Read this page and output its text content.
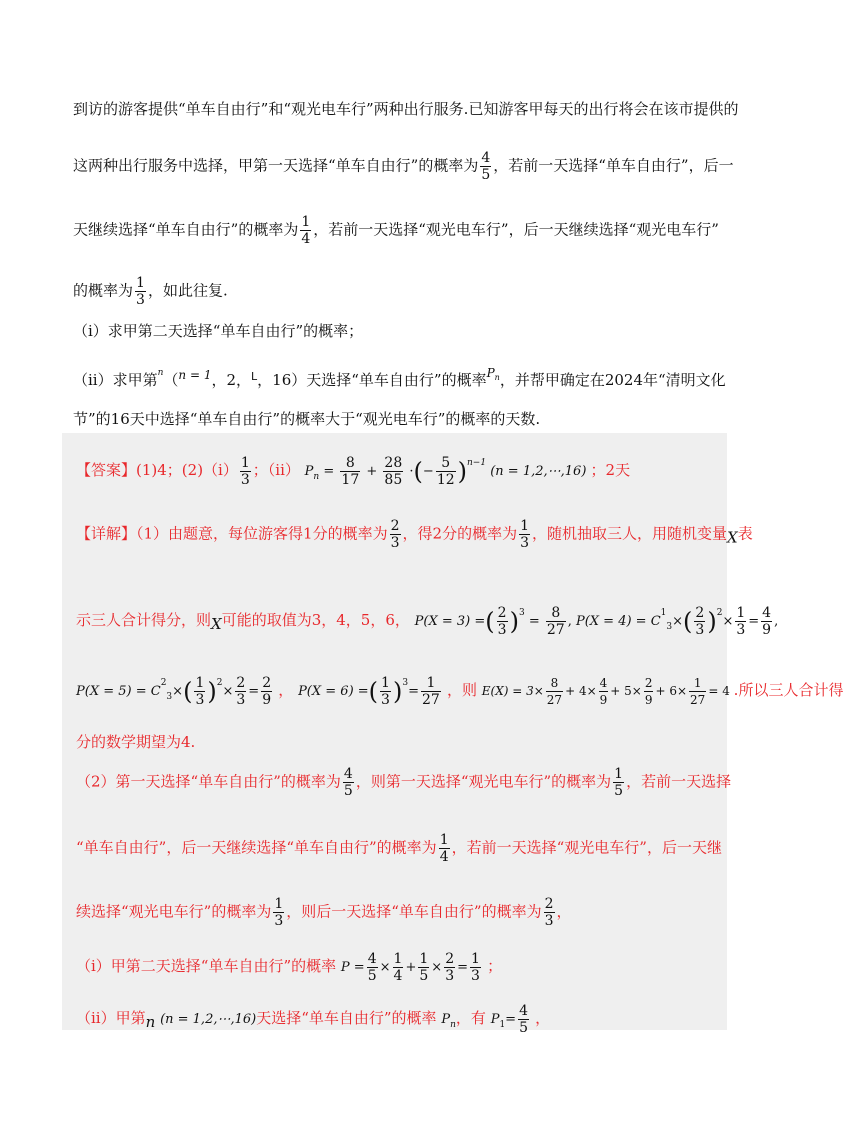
到访的游客提供“单车自由行”和“观光电车行”两种出行服务.已知游客甲每天的出行将会在该市提供的
这两种出行服务中选择，甲第一天选择“单车自由行”的概率为 $\frac{4}{5}$ ，若前一天选择“单车自由行”，后一
天继续选择“单车自由行”的概率为 $\frac{1}{4}$ ，若前一天选择“观光电车行”，后一天继续选择“观光电车行”
的概率为 $\frac{1}{3}$ ，如此往复.
（i）求甲第二天选择“单车自由行”的概率；
（ii）求甲第$^n$（$^{n = 1}$，2，$^L$，16）天选择“单车自由行”的概率$^{P_n}$，并帮甲确定在2024年“清明文化
节”的16天中选择“单车自由行”的概率大于“观光电车行”的概率的天数.
【答案】(1)4；$(2)(i) \frac{1}{3}$ ；（ii） $P_n = \frac{8}{17} + \frac{28}{85}$ ·(− $\frac{5}{12} )^{n-1}$ (n = 1,2,⋯,16) ；2天
【详解】（1）由题意，每位游客得1分的概率为 $\frac{2}{3}$ ，得2分的概率为 $\frac{1}{3}$ ，随机抽取三人，用随机变量X表
示三人合计得分，则X可能的取值为3，4，5，6， P(X = 3) =( $\frac{2}{3} )^3 = \frac{8}{27}$ , $P(X = 4) = C^1_3\times( \frac{2}{3} )^2\times \frac{1}{3} = \frac{4}{9}$ ,
$P(X = 5) = C^2_3\times( \frac{1}{3} )^2\times \frac{2}{3} = \frac{2}{9}$ ， P(X = 6) =( $\frac{1}{3} )^3= \frac{1}{27}$ ，则 $E(X) = 3\times \frac{8}{27} + 4\times \frac{4}{9} + 5\times \frac{2}{9} + 6\times \frac{1}{27} = 4$ .所以三人合计得
分的数学期望为4.
（2）第一天选择“单车自由行”的概率为 $\frac{4}{5}$ ，则第一天选择“观光电车行”的概率为 $\frac{1}{5}$ ，若前一天选择
“单车自由行”，后一天继续选择“单车自由行”的概率为 $\frac{1}{4}$ ，若前一天选择“观光电车行”，后一天继
续选择“观光电车行”的概率为 $\frac{1}{3}$ ，则后一天选择“单车自由行”的概率为 $\frac{2}{3}$ ，
（i）甲第二天选择“单车自由行”的概率 $P = \frac{4}{5} \times \frac{1}{4} + \frac{1}{5} \times \frac{2}{3} = \frac{1}{3}$ ；
（ii）甲第n (n = 1,2,⋯,16)天选择“单车自由行”的概率 $P_n$，有 $P_1= \frac{4}{5}$ ，
